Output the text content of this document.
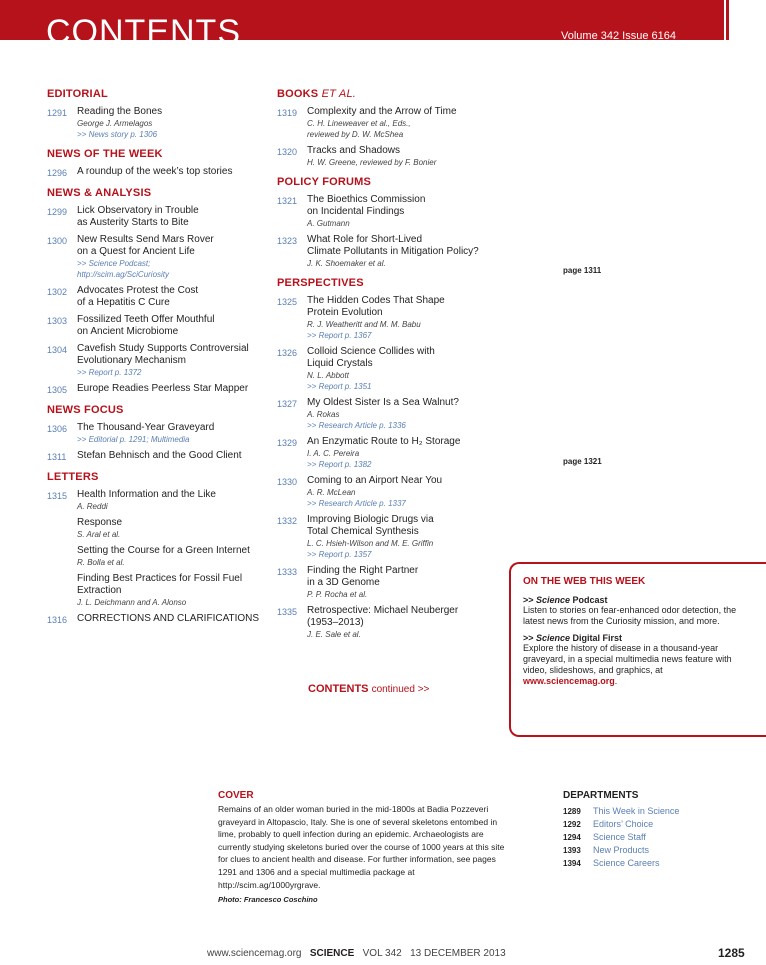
CONTENTS	Volume 342 Issue 6164
EDITORIAL
1291 Reading the Bones
George J. Armelagos
>> News story p. 1306
NEWS OF THE WEEK
1296 A roundup of the week’s top stories
NEWS & ANALYSIS
1299 Lick Observatory in Trouble
as Austerity Starts to Bite
1300 New Results Send Mars Rover
on a Quest for Ancient Life
>> Science Podcast;
http://scim.ag/SciCuriosity
1302 Advocates Protest the Cost
of a Hepatitis C Cure
1303 Fossilized Teeth Offer Mouthful
on Ancient Microbiome
1304 Cavefish Study Supports Controversial
Evolutionary Mechanism
>> Report p. 1372
1305 Europe Readies Peerless Star Mapper
NEWS FOCUS
1306 The Thousand-Year Graveyard
>> Editorial p. 1291; Multimedia
1311	Stefan Behnisch and the Good Client
LETTERS
1315 Health Information and the Like
A. Reddi
Response
S. Aral et al.
Setting the Course for a Green Internet
R. Bolla et al.
Finding Best Practices for Fossil Fuel
Extraction
J. L. Deichmann and A. Alonso
1316 CORRECTIONS AND CLARIFICATIONS
BOOKS ET AL.
1319 Complexity and the Arrow of Time
C. H. Lineweaver et al., Eds.,
reviewed by D. W. McShea
1320 Tracks and Shadows
H. W. Greene, reviewed by F. Bonier
POLICY FORUMS
1321 The Bioethics Commission
on Incidental Findings
A. Gutmann
1323 What Role for Short-Lived
Climate Pollutants in Mitigation Policy?
J. K. Shoemaker et al.
PERSPECTIVES
1325 The Hidden Codes That Shape
Protein Evolution
R. J. Weatheritt and M. M. Babu
>> Report p. 1367
1326 Colloid Science Collides with
Liquid Crystals
N. L. Abbott
>> Report p. 1351
1327 My Oldest Sister Is a Sea Walnut?
A. Rokas
>> Research Article p. 1336
1329 An Enzymatic Route to H₂ Storage
I. A. C. Pereira
>> Report p. 1382
1330 Coming to an Airport Near You
A. R. McLean
>> Research Article p. 1337
1332 Improving Biologic Drugs via
Total Chemical Synthesis
L. C. Hsieh-Wilson and M. E. Griffin
>> Report p. 1357
1333 Finding the Right Partner
in a 3D Genome
P. P. Rocha et al.
1335 Retrospective: Michael Neuberger
(1953–2013)
J. E. Sale et al.
page 1311
page 1321
CONTENTS continued >>
ON THE WEB THIS WEEK
>> Science Podcast
Listen to stories on fear-enhanced odor detection, the latest news from the Curiosity mission, and more.
>> Science Digital First
Explore the history of disease in a thousand-year graveyard, in a special multimedia news feature with video, slideshows, and graphics, at www.sciencemag.org.
COVER
Remains of an older woman buried in the mid-1800s at Badia Pozzeveri graveyard in Altopascio, Italy. She is one of several skeletons entombed in lime, probably to quell infection during an epidemic. Archaeologists are currently studying skeletons buried over the course of 1000 years at this site for clues to ancient health and disease. For further information, see pages 1291 and 1306 and a special multimedia package at http://scim.ag/1000yrgrave.
Photo: Francesco Coschino
DEPARTMENTS
1289	This Week in Science
1292	Editors’ Choice
1294	Science Staff
1393	New Products
1394	Science Careers
www.sciencemag.org SCIENCE VOL 342 13 DECEMBER 2013	1285
